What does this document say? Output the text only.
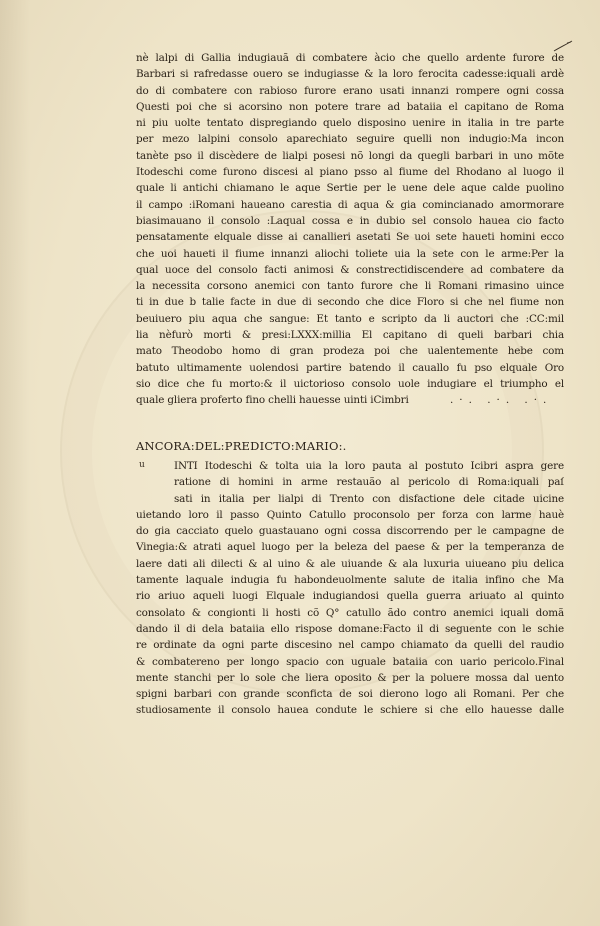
nè lalpi di Gallia indugiauã di combatere àcio che quello ardente furore de
Barbari si rafredasse ouero se indugiasse & la loro ferocita cadesse:iquali ardè
do di combatere con rabioso furore erano usati innanzi rompere ogni cossa
Questi poi che si acorsino non potere trare ad bataiia el capitano de Roma
ni piu uolte tentato dispregiando quelo disposino uenire in italia in tre parte
per mezo lalpini consolo aparechiato seguire quelli non indugio:Ma incon
tanète pso il discèdere de lialpi posesi nõ longi da quegli barbari in uno mõte
Itodeschi come furono discesi al piano psso al fiume del Rhodano al luogo il
quale li antichi chiamano le aque Sertie per le uene dele aque calde puolino
il campo :iRomani haueano carestia di aqua & gia comincianado amormorare
biasimauano il consolo :Laqual cossa e in dubio sel consolo hauea cio facto
pensatamente elquale disse ai canallieri asetati Se uoi sete haueti homini ecco
che uoi haueti il fiume innanzi aliochi toliete uia la sete con le arme:Per la
qual uoce del consolo facti animosi & constrectidiscendere ad combatere da
la necessita corsono anemici con tanto furore che li Romani rimasino uince
ti in due b talie facte in due di secondo che dice Floro si che nel fiume non
beuiuero piu aqua che sangue: Et tanto e scripto da li auctori che :CC:mil
lia nèfurò morti & presi:LXXX:millia El capitano di queli barbari chia
mato Theodobo homo di gran prodeza poi che ualentemente hebe com
batuto ultimamente uolendosi partire batendo il cauallo fu pso elquale Oro
sio dice che fu morto:& il uictorioso consolo uole indugiare el triumpho el
quale gliera proferto fino chelli hauesse uinti iCimbri	.·. .·. .·.
ANCORA:DEL:PREDICTO:MARIO:.
u	INTI Itodeschi & tolta uia la loro pauta al postuto Icibri aspra gere
ratione di homini in arme restauão al pericolo di Roma:iquali paſ
sati in italia per lialpi di Trento con disfactione dele citade uicine
uietando loro il passo Quinto Catullo proconsolo per forza con larme hauè
do gia cacciato quelo guastauano ogni cossa discorrendo per le campagne de
Vinegia:& atrati aquel luogo per la beleza del paese & per la temperanza de
laere dati ali dilecti & al uino & ale uiuande & ala luxuria uiueano piu delica
tamente laquale indugia fu habondeuolmente salute de italia infino che Ma
rio ariuo aqueli luogi Elquale indugiandosi quella guerra ariuato al quinto
consolato & congionti li hosti cõ Q° catullo ãdo contro anemici iquali domã
dando il di dela bataiia ello rispose domane:Facto il di seguente con le schie
re ordinate da ogni parte discesino nel campo chiamato da quelli del raudio
& combatereno per longo spacio con uguale bataiia con uario pericolo.Final
mente stanchi per lo sole che liera oposito & per la poluere mossa dal uento
spigni barbari con grande sconficta de soi dierono logo ali Romani. Per che
studiosamente il consolo hauea condute le schiere si che ello hauesse dalle
